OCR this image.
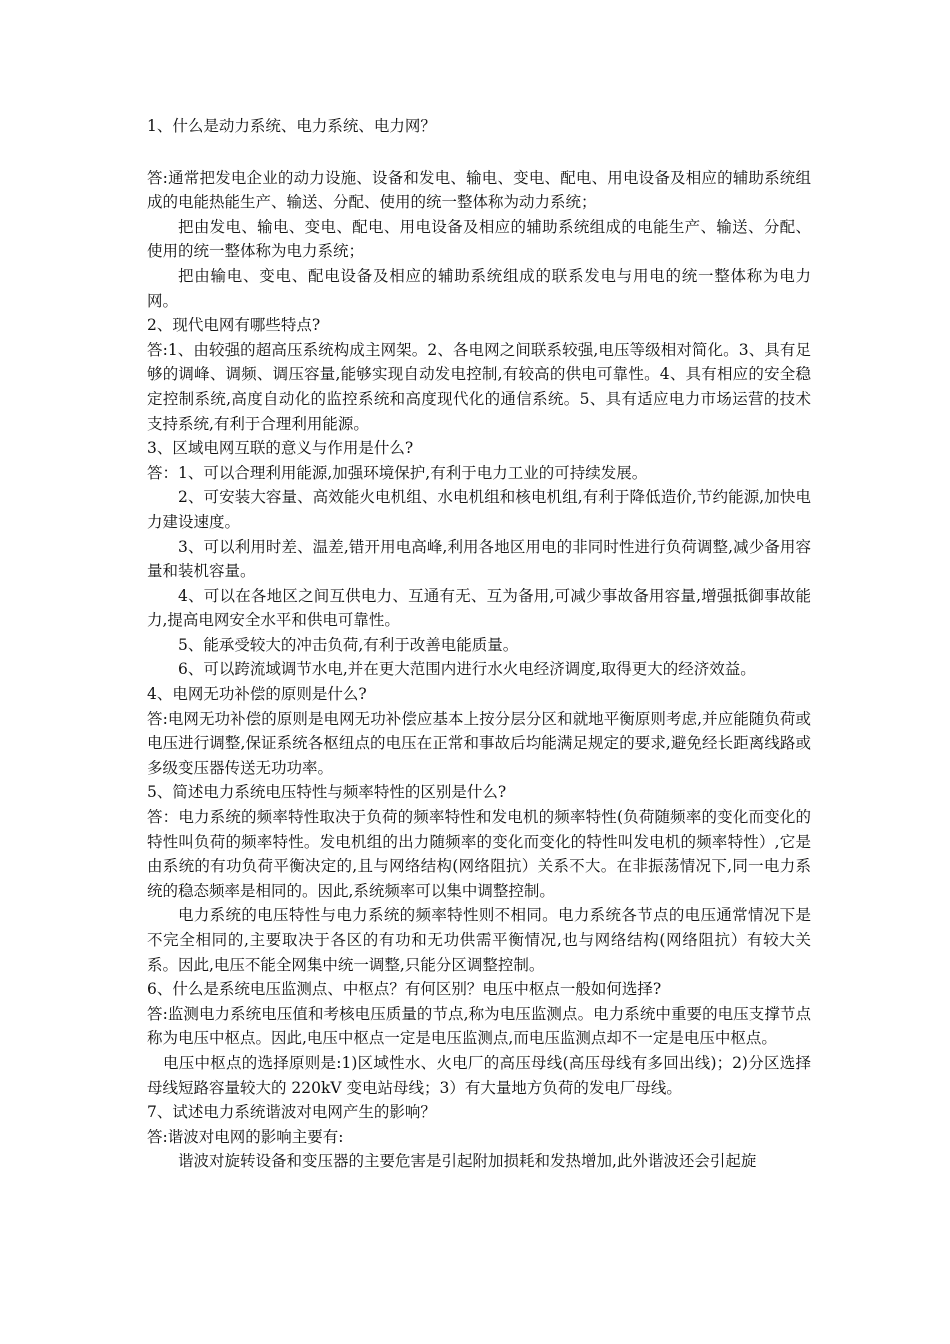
1、什么是动力系统、电力系统、电力网？

答:通常把发电企业的动力设施、设备和发电、输电、变电、配电、用电设备及相应的辅助系统组成的电能热能生产、输送、分配、使用的统一整体称为动力系统；

把由发电、输电、变电、配电、用电设备及相应的辅助系统组成的电能生产、输送、分配、使用的统一整体称为电力系统；

把由输电、变电、配电设备及相应的辅助系统组成的联系发电与用电的统一整体称为电力网。

2、现代电网有哪些特点?

答:1、由较强的超高压系统构成主网架。2、各电网之间联系较强,电压等级相对简化。3、具有足够的调峰、调频、调压容量,能够实现自动发电控制,有较高的供电可靠性。4、具有相应的安全稳定控制系统,高度自动化的监控系统和高度现代化的通信系统。5、具有适应电力市场运营的技术支持系统,有利于合理利用能源。

3、区域电网互联的意义与作用是什么?

答：1、可以合理利用能源,加强环境保护,有利于电力工业的可持续发展。

2、可安装大容量、高效能火电机组、水电机组和核电机组,有利于降低造价,节约能源,加快电力建设速度。

3、可以利用时差、温差,错开用电高峰,利用各地区用电的非同时性进行负荷调整,减少备用容量和装机容量。

4、可以在各地区之间互供电力、互通有无、互为备用,可减少事故备用容量,增强抵御事故能力,提高电网安全水平和供电可靠性。

5、能承受较大的冲击负荷,有利于改善电能质量。

6、可以跨流域调节水电,并在更大范围内进行水火电经济调度,取得更大的经济效益。

4、电网无功补偿的原则是什么?

答:电网无功补偿的原则是电网无功补偿应基本上按分层分区和就地平衡原则考虑,并应能随负荷或电压进行调整,保证系统各枢纽点的电压在正常和事故后均能满足规定的要求,避免经长距离线路或多级变压器传送无功功率。

5、简述电力系统电压特性与频率特性的区别是什么?

答：电力系统的频率特性取决于负荷的频率特性和发电机的频率特性(负荷随频率的变化而变化的特性叫负荷的频率特性。发电机组的出力随频率的变化而变化的特性叫发电机的频率特性）,它是由系统的有功负荷平衡决定的,且与网络结构(网络阻抗）关系不大。在非振荡情况下,同一电力系统的稳态频率是相同的。因此,系统频率可以集中调整控制。

电力系统的电压特性与电力系统的频率特性则不相同。电力系统各节点的电压通常情况下是不完全相同的,主要取决于各区的有功和无功供需平衡情况,也与网络结构(网络阻抗）有较大关系。因此,电压不能全网集中统一调整,只能分区调整控制。

6、什么是系统电压监测点、中枢点？有何区别？电压中枢点一般如何选择?

答:监测电力系统电压值和考核电压质量的节点,称为电压监测点。电力系统中重要的电压支撑节点称为电压中枢点。因此,电压中枢点一定是电压监测点,而电压监测点却不一定是电压中枢点。

电压中枢点的选择原则是:1)区域性水、火电厂的高压母线(高压母线有多回出线)；2)分区选择母线短路容量较大的 220kV 变电站母线；3）有大量地方负荷的发电厂母线。

7、试述电力系统谐波对电网产生的影响？

答:谐波对电网的影响主要有:

谐波对旋转设备和变压器的主要危害是引起附加损耗和发热增加,此外谐波还会引起旋
